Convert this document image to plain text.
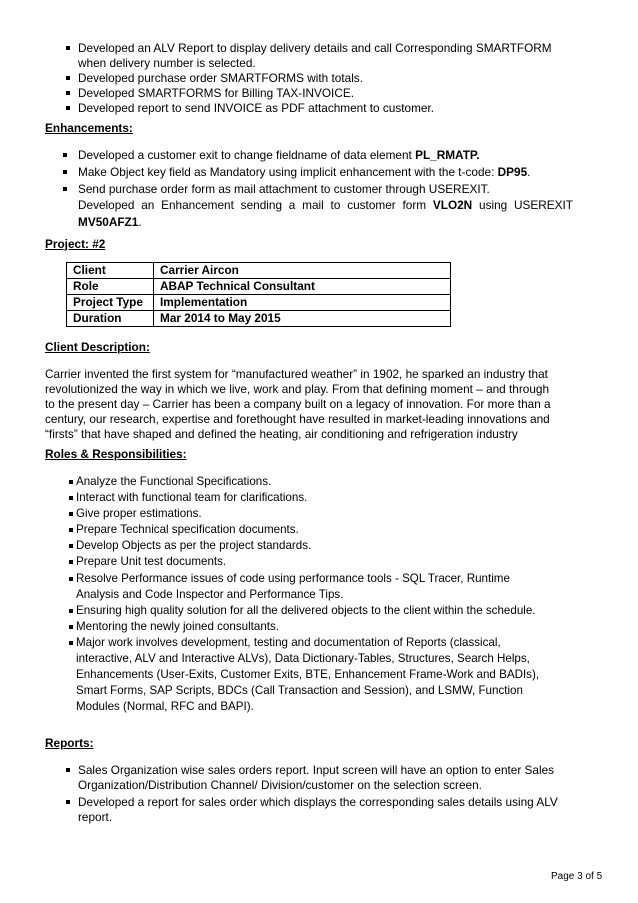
Developed an ALV Report to display delivery details and call Corresponding SMARTFORM when delivery number is selected.
Developed purchase order SMARTFORMS with totals.
Developed SMARTFORMS for Billing TAX-INVOICE.
Developed report to send INVOICE as PDF attachment to customer.

Enhancements:

Developed a customer exit to change fieldname of data element PL_RMATP.
Make Object key field as Mandatory using implicit enhancement with the t-code: DP95.
Send purchase order form as mail attachment to customer through USEREXIT.
Developed an Enhancement sending a mail to customer form VLO2N using USEREXIT
MV50AFZ1.

Project: #2

Client	Carrier Aircon
Role	ABAP Technical Consultant
Project Type	Implementation
Duration	Mar 2014 to May 2015

Client Description:

Carrier invented the first system for “manufactured weather” in 1902, he sparked an industry that
revolutionized the way in which we live, work and play. From that defining moment – and through
to the present day – Carrier has been a company built on a legacy of innovation. For more than a
century, our research, expertise and forethought have resulted in market-leading innovations and
“firsts” that have shaped and defined the heating, air conditioning and refrigeration industry

Roles & Responsibilities:

Analyze the Functional Specifications.
Interact with functional team for clarifications.
Give proper estimations.
Prepare Technical specification documents.
Develop Objects as per the project standards.
Prepare Unit test documents.
Resolve Performance issues of code using performance tools - SQL Tracer, Runtime
Analysis and Code Inspector and Performance Tips.
Ensuring high quality solution for all the delivered objects to the client within the schedule.
Mentoring the newly joined consultants.
Major work involves development, testing and documentation of Reports (classical,
interactive, ALV and Interactive ALVs), Data Dictionary-Tables, Structures, Search Helps,
Enhancements (User-Exits, Customer Exits, BTE, Enhancement Frame-Work and BADIs),
Smart Forms, SAP Scripts, BDCs (Call Transaction and Session), and LSMW, Function
Modules (Normal, RFC and BAPI).

Reports:

Sales Organization wise sales orders report. Input screen will have an option to enter Sales
Organization/Distribution Channel/ Division/customer on the selection screen.
Developed a report for sales order which displays the corresponding sales details using ALV
report.
Page 3 of 5
